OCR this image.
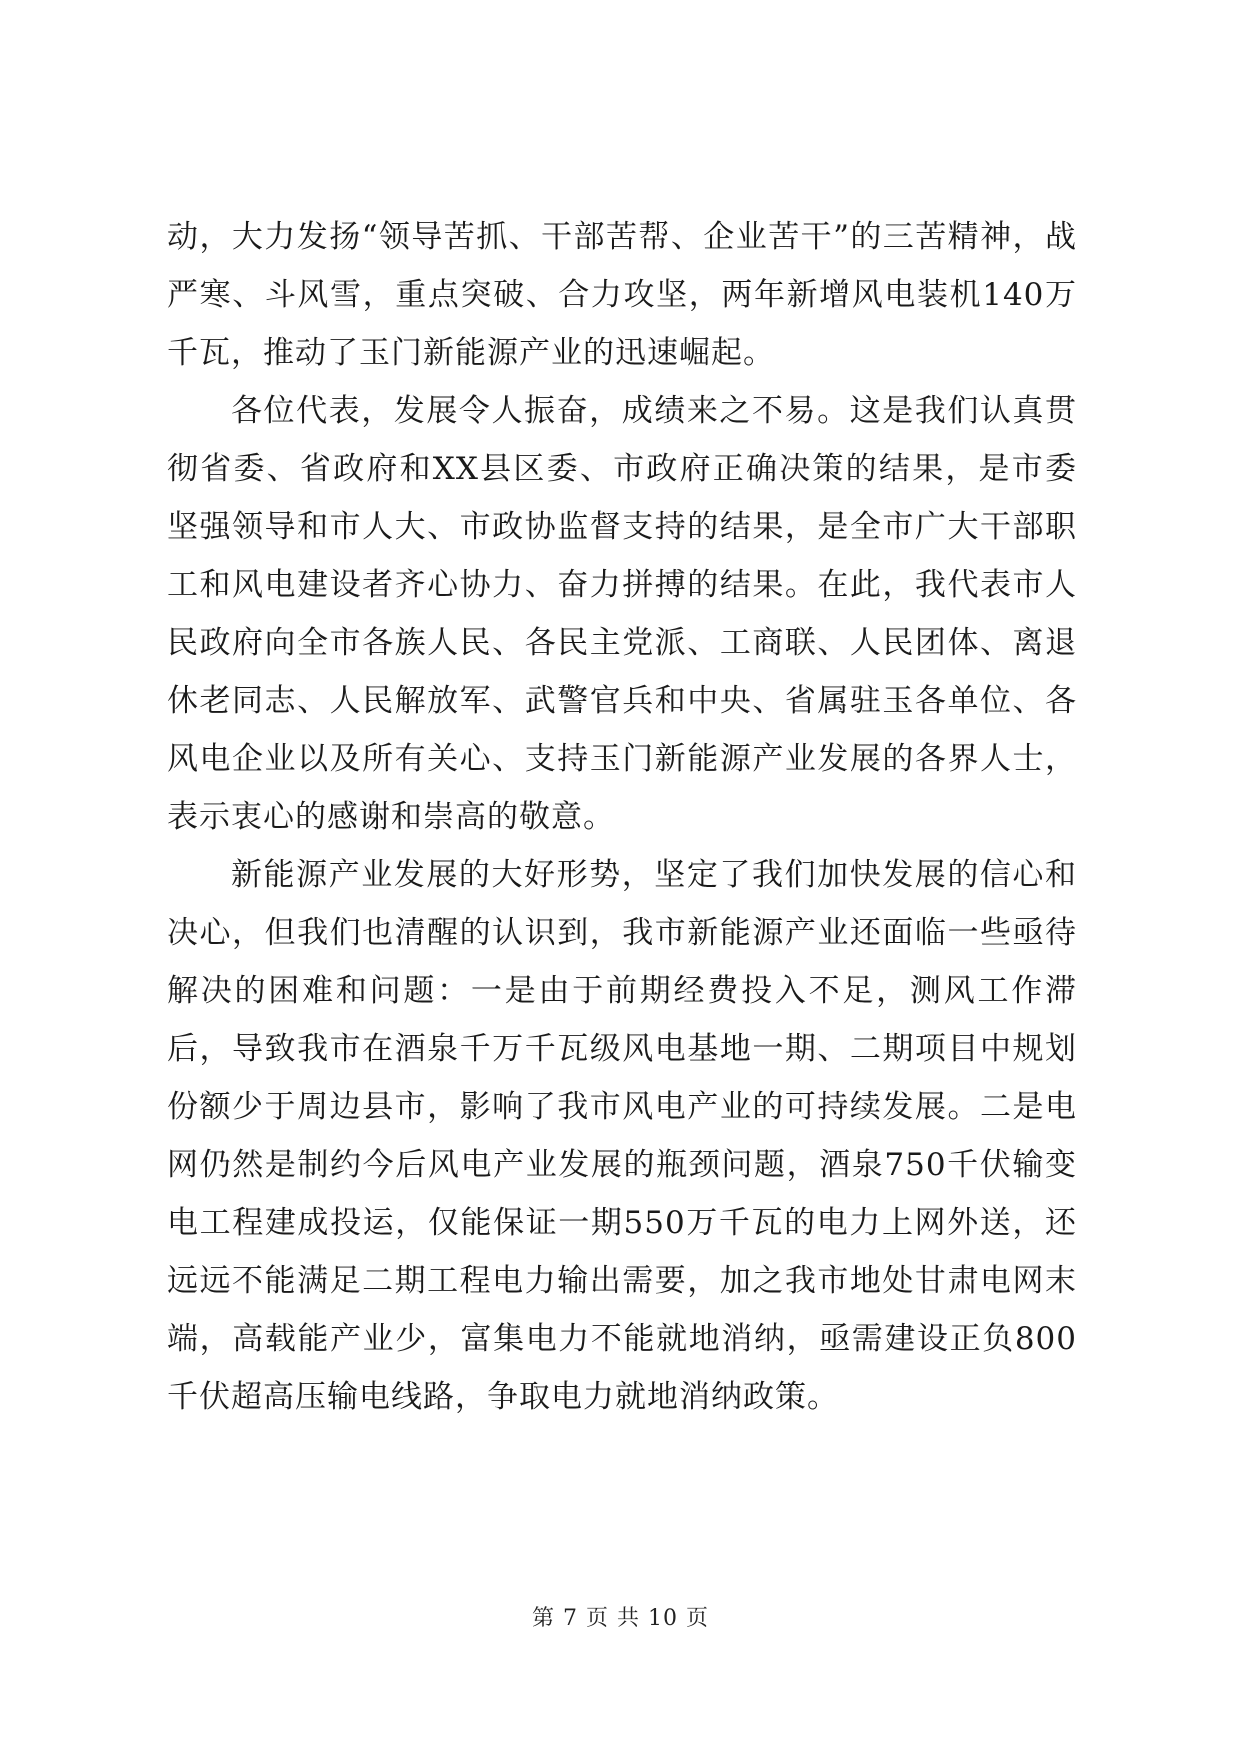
动，大力发扬“领导苦抓、干部苦帮、企业苦干”的三苦精神，战严寒、斗风雪，重点突破、合力攻坚，两年新增风电装机140万千瓦，推动了玉门新能源产业的迅速崛起。

各位代表，发展令人振奋，成绩来之不易。这是我们认真贯彻省委、省政府和XX县区委、市政府正确决策的结果，是市委坚强领导和市人大、市政协监督支持的结果，是全市广大干部职工和风电建设者齐心协力、奋力拼搏的结果。在此，我代表市人民政府向全市各族人民、各民主党派、工商联、人民团体、离退休老同志、人民解放军、武警官兵和中央、省属驻玉各单位、各风电企业以及所有关心、支持玉门新能源产业发展的各界人士，表示衷心的感谢和崇高的敬意。

新能源产业发展的大好形势，坚定了我们加快发展的信心和决心，但我们也清醒的认识到，我市新能源产业还面临一些亟待解决的困难和问题：一是由于前期经费投入不足，测风工作滞后，导致我市在酒泉千万千瓦级风电基地一期、二期项目中规划份额少于周边县市，影响了我市风电产业的可持续发展。二是电网仍然是制约今后风电产业发展的瓶颈问题，酒泉750千伏输变电工程建成投运，仅能保证一期550万千瓦的电力上网外送，还远远不能满足二期工程电力输出需要，加之我市地处甘肃电网末端，高载能产业少，富集电力不能就地消纳，亟需建设正负800千伏超高压输电线路，争取电力就地消纳政策。

第 7 页 共 10 页
